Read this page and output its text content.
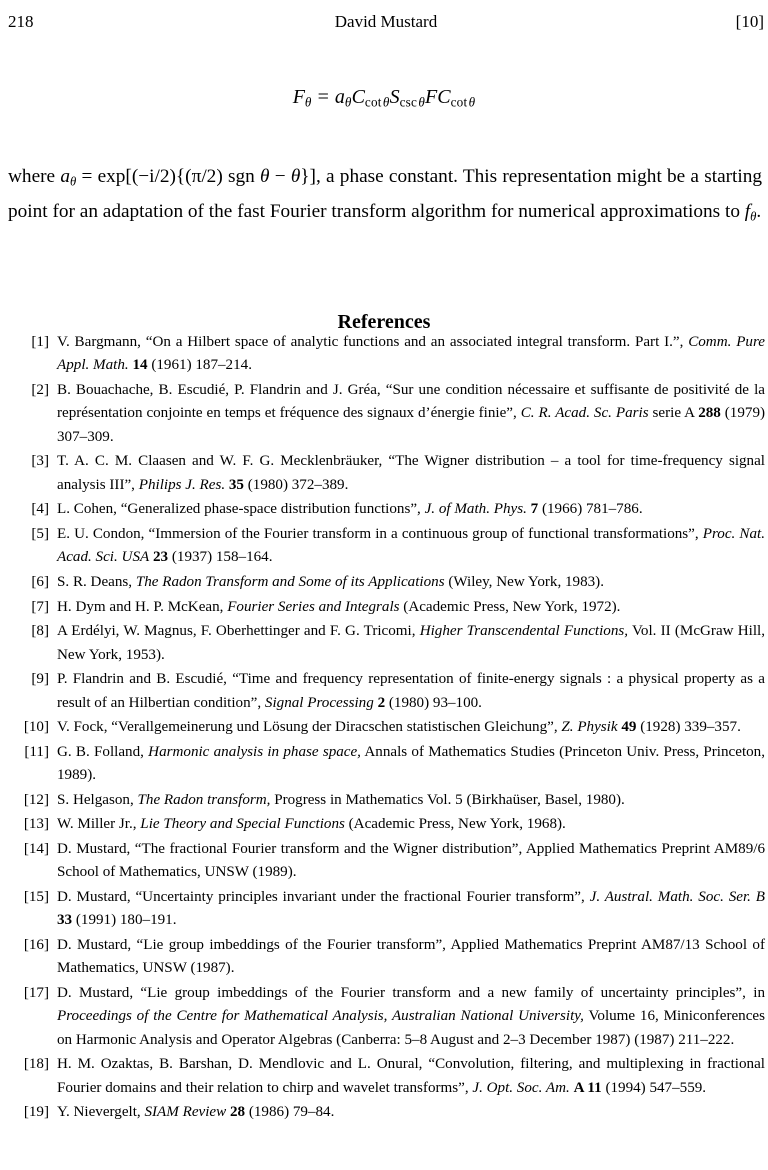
218	David Mustard	[10]
$F_\theta = a_\theta C_{cot \theta}S_{csc \theta}FC_{cot \theta}$

where $a_\theta = \exp[(-i/2)\{(\pi/2)$ sgn θ − θ}], a phase constant. This representation might be a starting point for an adaptation of the fast Fourier transform algorithm for numerical approximations to $f_\theta$.

References
[1] V. Bargmann, “On a Hilbert space of analytic functions and an associated integral transform. Part I.”, Comm. Pure Appl. Math. 14 (1961) 187–214.
[2] B. Bouachache, B. Escudié, P. Flandrin and J. Gréa, “Sur une condition nécessaire et suffisante de positivité de la représentation conjointe en temps et fréquence des signaux d’énergie finie”, C. R. Acad. Sc. Paris serie A 288 (1979) 307–309.
[3] T. A. C. M. Claasen and W. F. G. Mecklenbräuker, “The Wigner distribution – a tool for time-frequency signal analysis III”, Philips J. Res. 35 (1980) 372–389.
[4] L. Cohen, “Generalized phase-space distribution functions”, J. of Math. Phys. 7 (1966) 781–786.
[5] E. U. Condon, “Immersion of the Fourier transform in a continuous group of functional transformations”, Proc. Nat. Acad. Sci. USA 23 (1937) 158–164.
[6] S. R. Deans, The Radon Transform and Some of its Applications (Wiley, New York, 1983).
[7] H. Dym and H. P. McKean, Fourier Series and Integrals (Academic Press, New York, 1972).
[8] A Erdélyi, W. Magnus, F. Oberhettinger and F. G. Tricomi, Higher Transcendental Functions, Vol. II (McGraw Hill, New York, 1953).
[9] P. Flandrin and B. Escudié, “Time and frequency representation of finite-energy signals : a physical property as a result of an Hilbertian condition”, Signal Processing 2 (1980) 93–100.
[10] V. Fock, “Verallgemeinerung und Lösung der Diracschen statistischen Gleichung”, Z. Physik 49 (1928) 339–357.
[11] G. B. Folland, Harmonic analysis in phase space, Annals of Mathematics Studies (Princeton Univ. Press, Princeton, 1989).
[12] S. Helgason, The Radon transform, Progress in Mathematics Vol. 5 (Birkhaüser, Basel, 1980).
[13] W. Miller Jr., Lie Theory and Special Functions (Academic Press, New York, 1968).
[14] D. Mustard, “The fractional Fourier transform and the Wigner distribution”, Applied Mathematics Preprint AM89/6 School of Mathematics, UNSW (1989).
[15] D. Mustard, “Uncertainty principles invariant under the fractional Fourier transform”, J. Austral. Math. Soc. Ser. B 33 (1991) 180–191.
[16] D. Mustard, “Lie group imbeddings of the Fourier transform”, Applied Mathematics Preprint AM87/13 School of Mathematics, UNSW (1987).
[17] D. Mustard, “Lie group imbeddings of the Fourier transform and a new family of uncertainty principles”, in Proceedings of the Centre for Mathematical Analysis, Australian National University, Volume 16, Miniconferences on Harmonic Analysis and Operator Algebras (Canberra: 5–8 August and 2–3 December 1987) (1987) 211–222.
[18] H. M. Ozaktas, B. Barshan, D. Mendlovic and L. Onural, “Convolution, filtering, and multiplexing in fractional Fourier domains and their relation to chirp and wavelet transforms”, J. Opt. Soc. Am. A 11 (1994) 547–559.
[19] Y. Nievergelt, SIAM Review 28 (1986) 79–84.
